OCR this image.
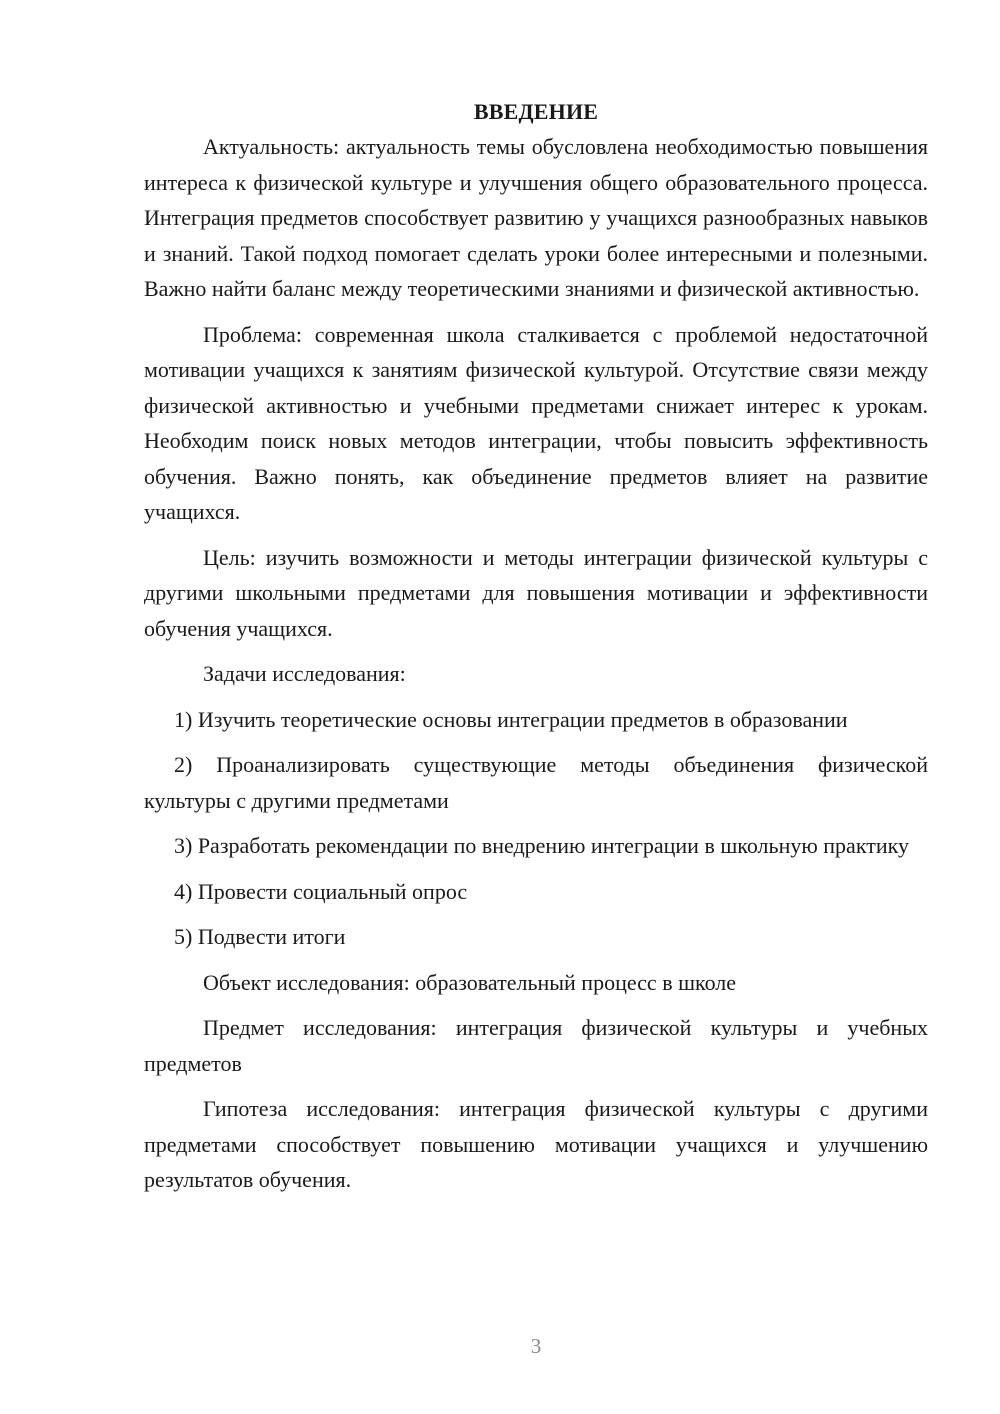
ВВЕДЕНИЕ

Актуальность: актуальность темы обусловлена необходимостью повышения интереса к физической культуре и улучшения общего образовательного процесса. Интеграция предметов способствует развитию у учащихся разнообразных навыков и знаний. Такой подход помогает сделать уроки более интересными и полезными. Важно найти баланс между теоретическими знаниями и физической активностью.

Проблема: современная школа сталкивается с проблемой недостаточной мотивации учащихся к занятиям физической культурой. Отсутствие связи между физической активностью и учебными предметами снижает интерес к урокам. Необходим поиск новых методов интеграции, чтобы повысить эффективность обучения. Важно понять, как объединение предметов влияет на развитие учащихся.

Цель: изучить возможности и методы интеграции физической культуры с другими школьными предметами для повышения мотивации и эффективности обучения учащихся.

Задачи исследования:

1) Изучить теоретические основы интеграции предметов в образовании

2) Проанализировать существующие методы объединения физической культуры с другими предметами

3) Разработать рекомендации по внедрению интеграции в школьную практику

4) Провести социальный опрос

5) Подвести итоги

Объект исследования: образовательный процесс в школе

Предмет исследования: интеграция физической культуры и учебных предметов

Гипотеза исследования: интеграция физической культуры с другими предметами способствует повышению мотивации учащихся и улучшению результатов обучения.

3
